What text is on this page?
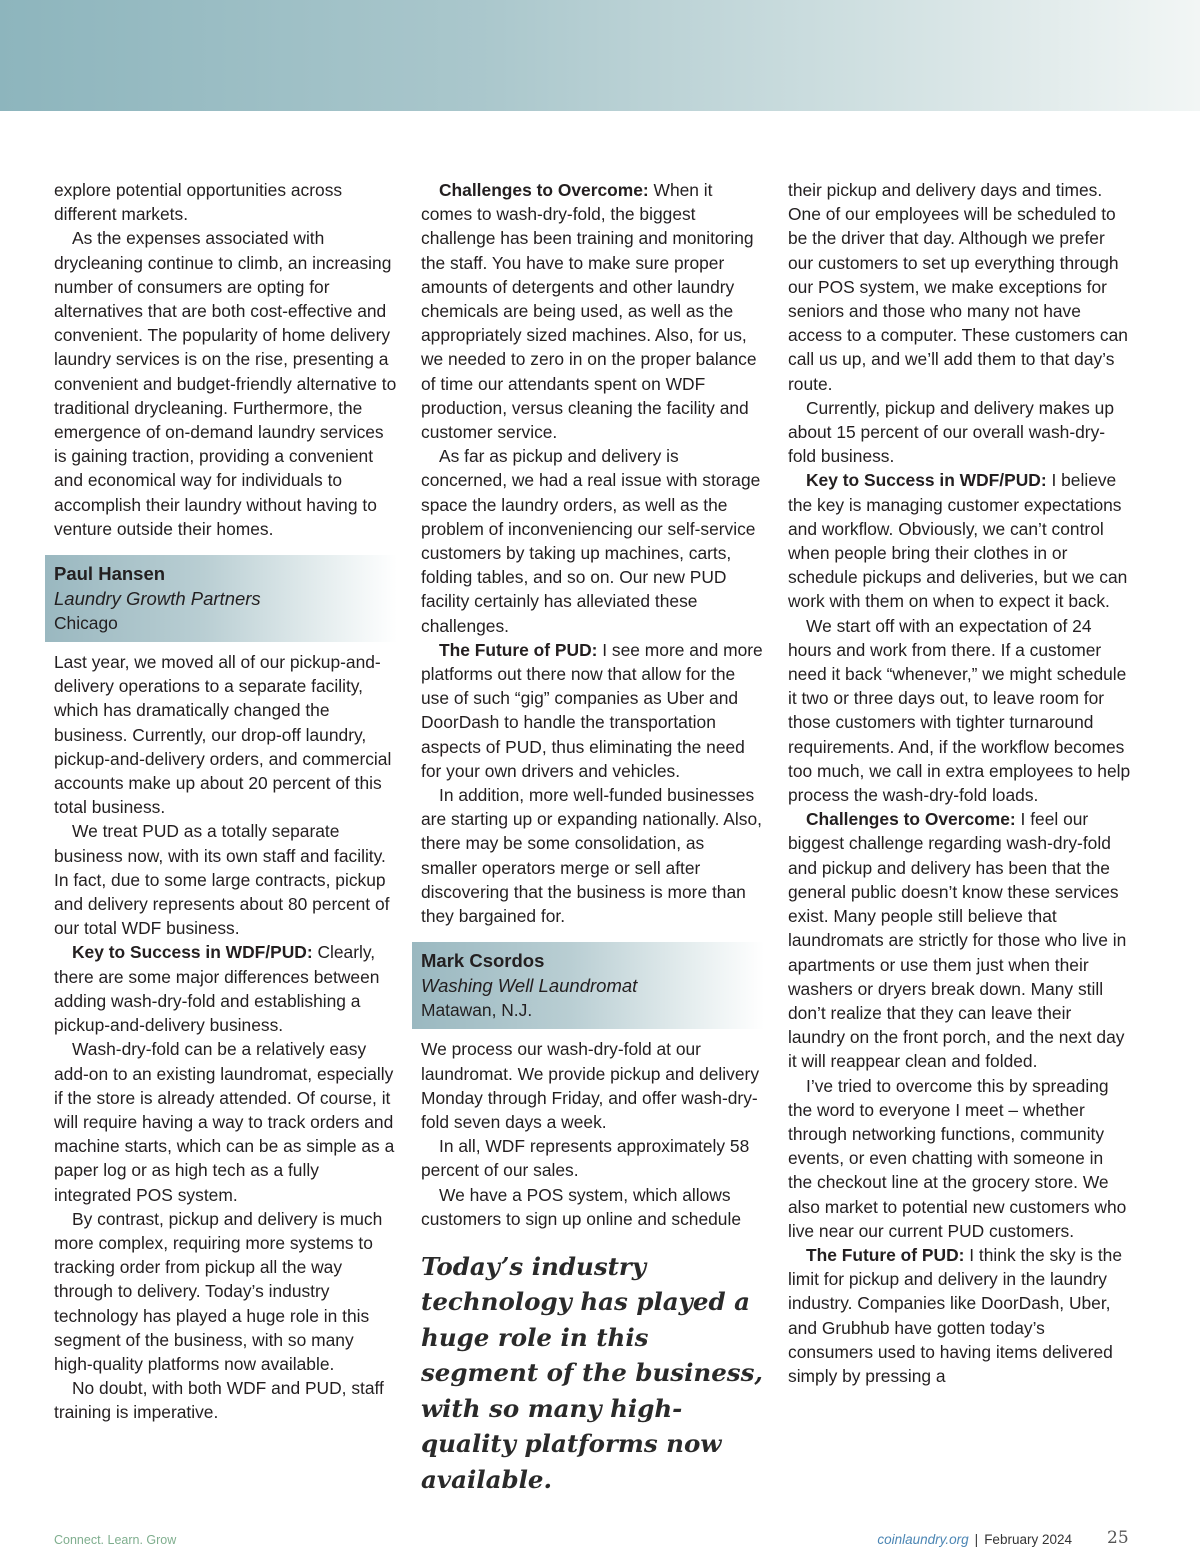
explore potential opportunities across different markets.

As the expenses associated with drycleaning continue to climb, an increasing number of consumers are opting for alternatives that are both cost-effective and convenient. The popularity of home delivery laundry services is on the rise, presenting a convenient and budget-friendly alternative to traditional drycleaning. Furthermore, the emergence of on-demand laundry services is gaining traction, providing a convenient and economical way for individuals to accomplish their laundry without having to venture outside their homes.

Paul Hansen
Laundry Growth Partners
Chicago

Last year, we moved all of our pickup-and-delivery operations to a separate facility, which has dramatically changed the business. Currently, our drop-off laundry, pickup-and-delivery orders, and commercial accounts make up about 20 percent of this total business.

We treat PUD as a totally separate business now, with its own staff and facility. In fact, due to some large contracts, pickup and delivery represents about 80 percent of our total WDF business.

Key to Success in WDF/PUD: Clearly, there are some major differences between adding wash-dry-fold and establishing a pickup-and-delivery business.

Wash-dry-fold can be a relatively easy add-on to an existing laundromat, especially if the store is already attended. Of course, it will require having a way to track orders and machine starts, which can be as simple as a paper log or as high tech as a fully integrated POS system.

By contrast, pickup and delivery is much more complex, requiring more systems to tracking order from pickup all the way through to delivery. Today’s industry technology has played a huge role in this segment of the business, with so many high-quality platforms now available.

No doubt, with both WDF and PUD, staff training is imperative.

Challenges to Overcome: When it comes to wash-dry-fold, the biggest challenge has been training and monitoring the staff. You have to make sure proper amounts of detergents and other laundry chemicals are being used, as well as the appropriately sized machines. Also, for us, we needed to zero in on the proper balance of time our attendants spent on WDF production, versus cleaning the facility and customer service.

As far as pickup and delivery is concerned, we had a real issue with storage space the laundry orders, as well as the problem of inconveniencing our self-service customers by taking up machines, carts, folding tables, and so on. Our new PUD facility certainly has alleviated these challenges.

The Future of PUD: I see more and more platforms out there now that allow for the use of such “gig” companies as Uber and DoorDash to handle the transportation aspects of PUD, thus eliminating the need for your own drivers and vehicles.

In addition, more well-funded businesses are starting up or expanding nationally. Also, there may be some consolidation, as smaller operators merge or sell after discovering that the business is more than they bargained for.

Mark Csordos
Washing Well Laundromat
Matawan, N.J.

We process our wash-dry-fold at our laundromat. We provide pickup and delivery Monday through Friday, and offer wash-dry-fold seven days a week.

In all, WDF represents approximately 58 percent of our sales.

We have a POS system, which allows customers to sign up online and schedule

Today’s industry technology has played a huge role in this segment of the business, with so many high-quality platforms now available.

their pickup and delivery days and times. One of our employees will be scheduled to be the driver that day. Although we prefer our customers to set up everything through our POS system, we make exceptions for seniors and those who many not have access to a computer. These customers can call us up, and we’ll add them to that day’s route.

Currently, pickup and delivery makes up about 15 percent of our overall wash-dry-fold business.

Key to Success in WDF/PUD: I believe the key is managing customer expectations and workflow. Obviously, we can’t control when people bring their clothes in or schedule pickups and deliveries, but we can work with them on when to expect it back.

We start off with an expectation of 24 hours and work from there. If a customer need it back “whenever,” we might schedule it two or three days out, to leave room for those customers with tighter turnaround requirements. And, if the workflow becomes too much, we call in extra employees to help process the wash-dry-fold loads.

Challenges to Overcome: I feel our biggest challenge regarding wash-dry-fold and pickup and delivery has been that the general public doesn’t know these services exist. Many people still believe that laundromats are strictly for those who live in apartments or use them just when their washers or dryers break down. Many still don’t realize that they can leave their laundry on the front porch, and the next day it will reappear clean and folded.

I’ve tried to overcome this by spreading the word to everyone I meet – whether through networking functions, community events, or even chatting with someone in the checkout line at the grocery store. We also market to potential new customers who live near our current PUD customers.

The Future of PUD: I think the sky is the limit for pickup and delivery in the laundry industry. Companies like DoorDash, Uber, and Grubhub have gotten today’s consumers used to having items delivered simply by pressing a

Connect. Learn. Grow	coinlaundry.org | February 2024 25
